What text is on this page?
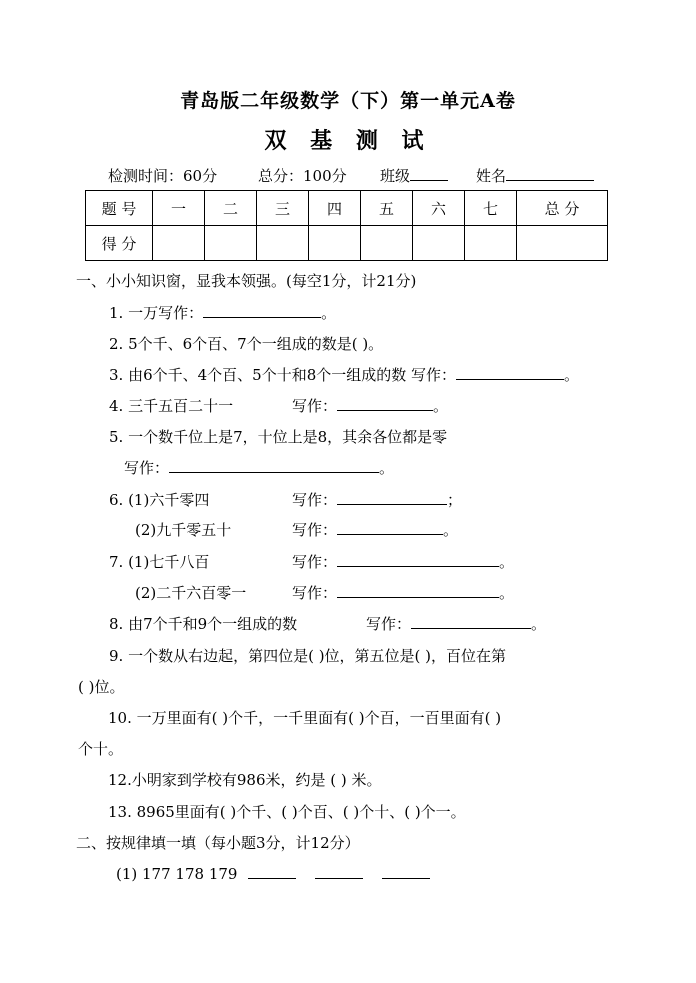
青岛版二年级数学（下）第一单元A卷
双 基 测 试
检测时间：60分	总分：100分 班级	姓名
题 号	一	二	三	四	五	六	七	总 分
得 分								
一、小小知识窗，显我本领强。(每空1分，计21分)
1. 一万写作：	。
2. 5个千、6个百、7个一组成的数是( )。
3. 由6个千、4个百、5个十和8个一组成的数 写作：	。
4. 三千五百二十一	写作：	。
5. 一个数千位上是7，十位上是8，其余各位都是零
写作：	。
6. (1)六千零四	写作：	；
(2)九千零五十	写作：	。
7. (1)七千八百	写作：	。
(2)二千六百零一	写作：	。
8. 由7个千和9个一组成的数	写作：	。
9. 一个数从右边起，第四位是( )位，第五位是( )，百位在第
( )位。
10. 一万里面有( )个千，一千里面有( )个百，一百里面有( )
个十。
12.小明家到学校有986米，约是 ( ) 米。
13. 8965里面有( )个千、( )个百、( )个十、( )个一。
二、按规律填一填（每小题3分，计12分）
(1) 177 178 179
